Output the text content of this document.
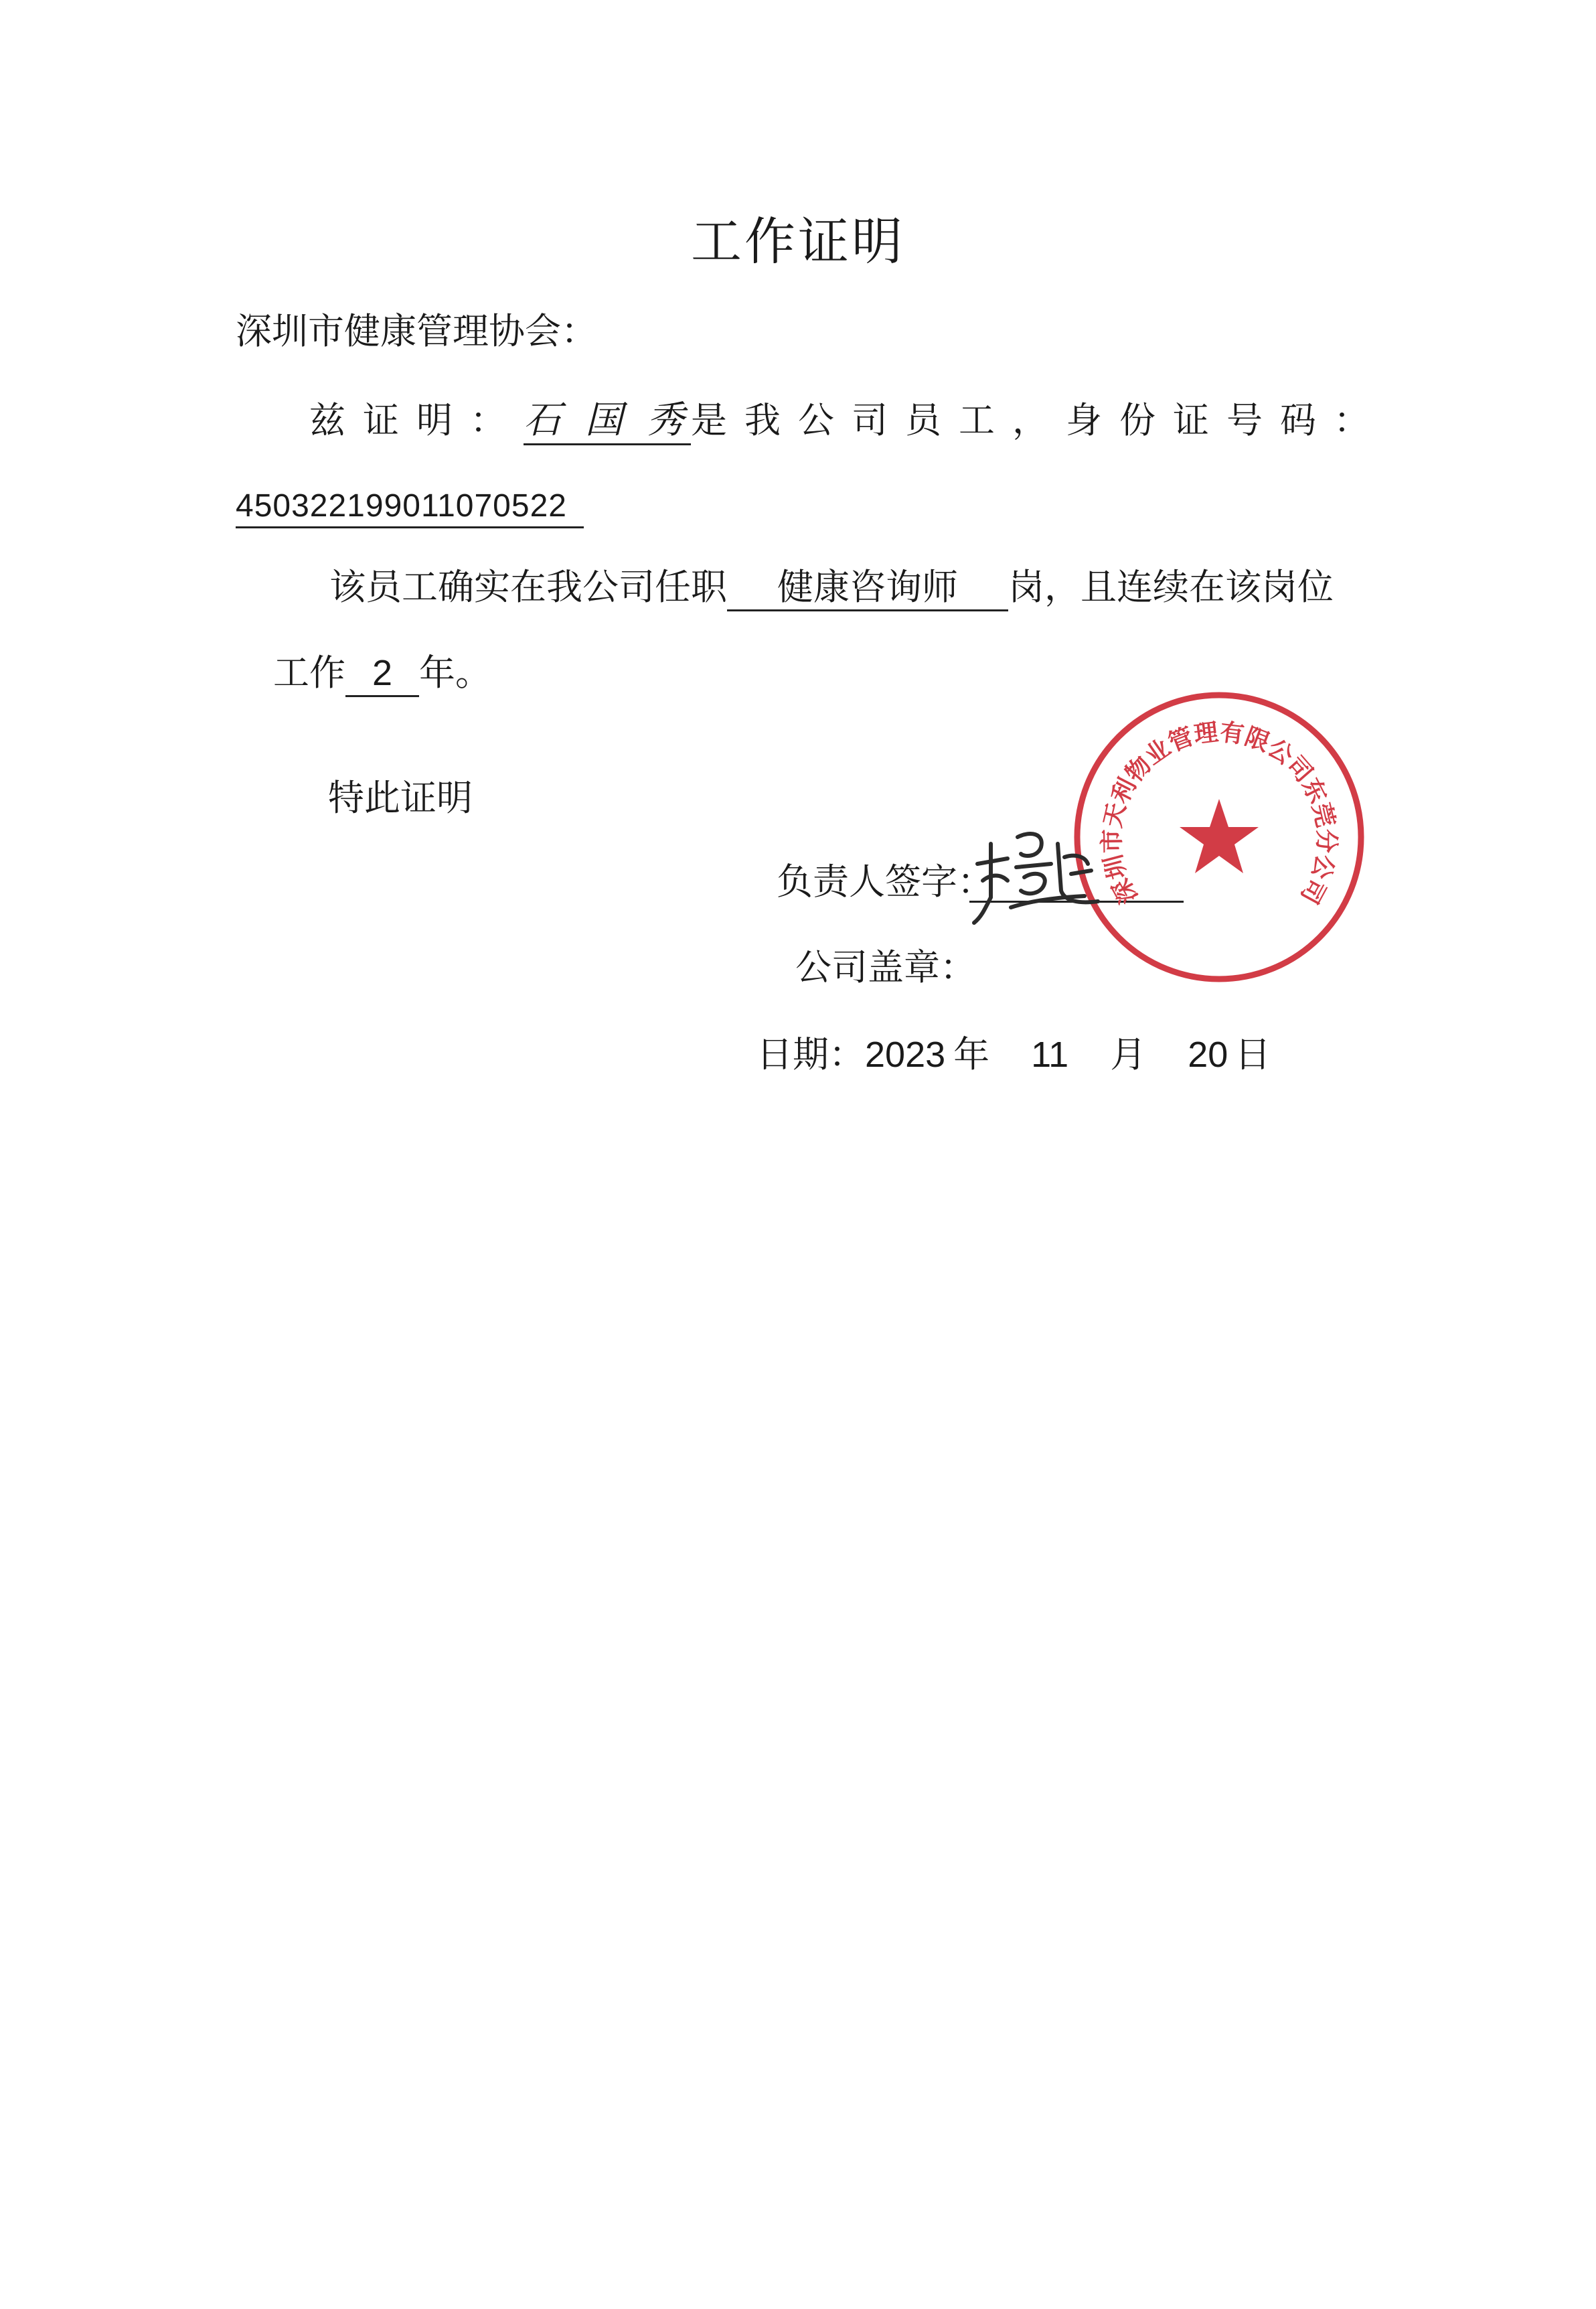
工作证明
深圳市健康管理协会：
兹证明：石国秀是我公司员工，身份证号码：
450322199011070522
该员工确实在我公司任职 健康咨询师 岗，且连续在该岗位
工作 2 年。
特此证明
负责人签字：
公司盖章：
日期：2023 年 11 月 20 日
深圳市天利物业管理有限公司东莞分公司
